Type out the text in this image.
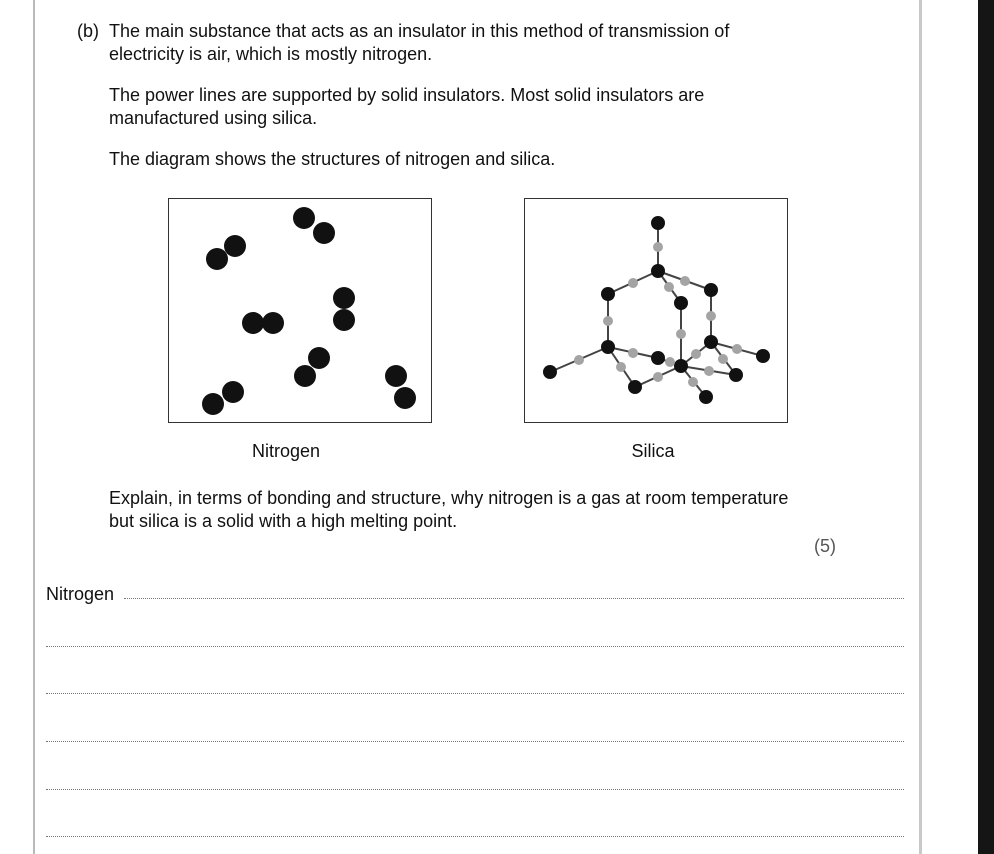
(b) The main substance that acts as an insulator in this method of transmission of

electricity is air, which is mostly nitrogen.

The power lines are supported by solid insulators. Most solid insulators are

manufactured using silica.

The diagram shows the structures of nitrogen and silica.

Nitrogen	Silica

Explain, in terms of bonding and structure, why nitrogen is a gas at room temperature

but silica is a solid with a high melting point.

(5)
Nitrogen
